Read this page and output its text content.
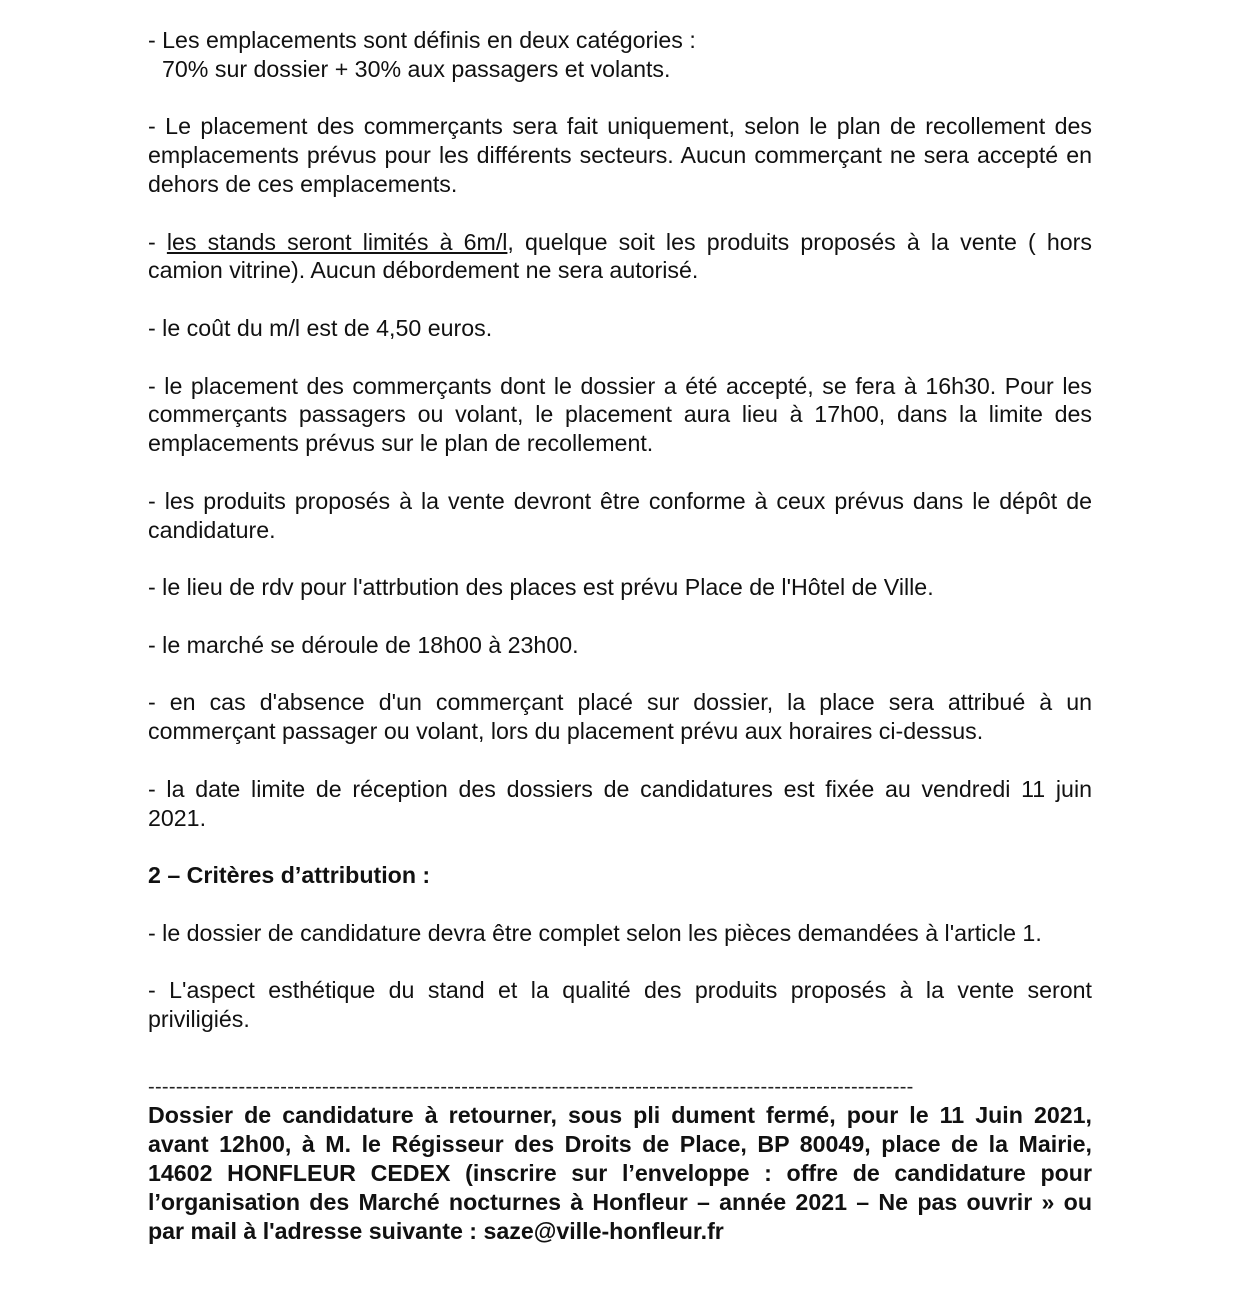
- Les emplacements sont définis en deux catégories :
70% sur dossier + 30% aux passagers et volants.

- Le placement des commerçants sera fait uniquement, selon le plan de recollement des emplacements prévus pour les différents secteurs. Aucun commerçant ne sera accepté en dehors de ces emplacements.

- les stands seront limités à 6m/l, quelque soit les produits proposés à la vente ( hors camion vitrine). Aucun débordement ne sera autorisé.

- le coût du m/l est de 4,50 euros.

- le placement des commerçants dont le dossier a été accepté, se fera à 16h30. Pour les commerçants passagers ou volant, le placement aura lieu à 17h00, dans la limite des emplacements prévus sur le plan de recollement.

- les produits proposés à la vente devront être conforme à ceux prévus dans le dépôt de candidature.

- le lieu de rdv pour l'attrbution des places est prévu Place de l'Hôtel de Ville.

- le marché se déroule de 18h00 à 23h00.

- en cas d'absence d'un commerçant placé sur dossier, la place sera attribué à un commerçant passager ou volant, lors du placement prévu aux horaires ci-dessus.

- la date limite de réception des dossiers de candidatures est fixée au vendredi 11 juin 2021.

2 – Critères d’attribution :

- le dossier de candidature devra être complet selon les pièces demandées à l'article 1.

- L'aspect esthétique du stand et la qualité des produits proposés à la vente seront priviligiés.

--------------------------------------------------------------------------------------------------------------

Dossier de candidature à retourner, sous pli dument fermé, pour le 11 Juin 2021, avant 12h00, à M. le Régisseur des Droits de Place, BP 80049, place de la Mairie, 14602 HONFLEUR CEDEX (inscrire sur l’enveloppe : offre de candidature pour l’organisation des Marché nocturnes à Honfleur – année 2021 – Ne pas ouvrir » ou par mail à l'adresse suivante : saze@ville-honfleur.fr
